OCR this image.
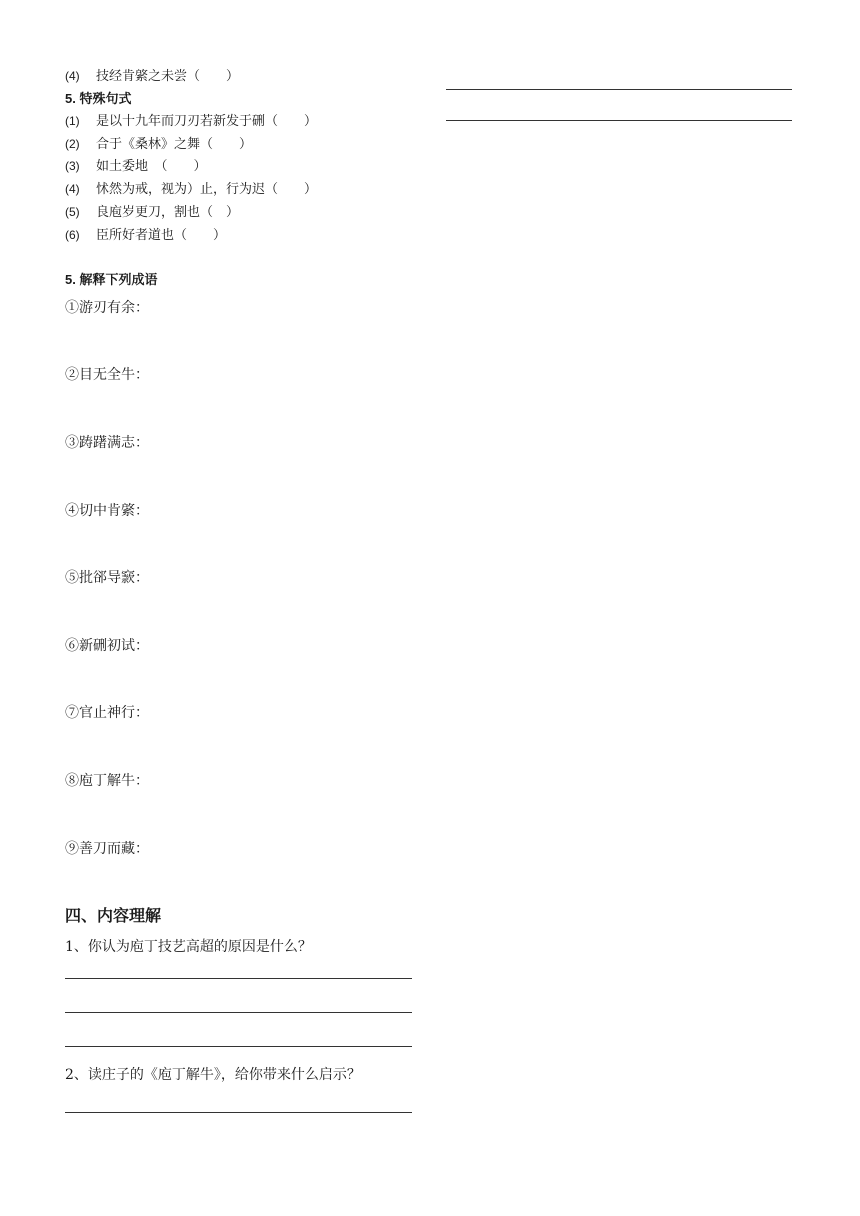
(4) 技经肯綮之未尝（　　）
5. 特殊句式
(1) 是以十九年而刀刃若新发于硎（　　）
(2) 合于《桑林》之舞（　　）
(3) 如土委地　（　　）
(4) 怵然为戒，视为）止，行为迟（　　）
(5) 良庖岁更刀，割也（　）
(6) 臣所好者道也（　　）
5. 解释下列成语
①游刃有余：
②目无全牛：
③踌躇满志：
④切中肯綮：
⑤批郤导窾：
⑥新硎初试：
⑦官止神行：
⑧庖丁解牛：
⑨善刀而藏：
四、内容理解
1、你认为庖丁技艺高超的原因是什么？
2、读庄子的《庖丁解牛》，给你带来什么启示？
